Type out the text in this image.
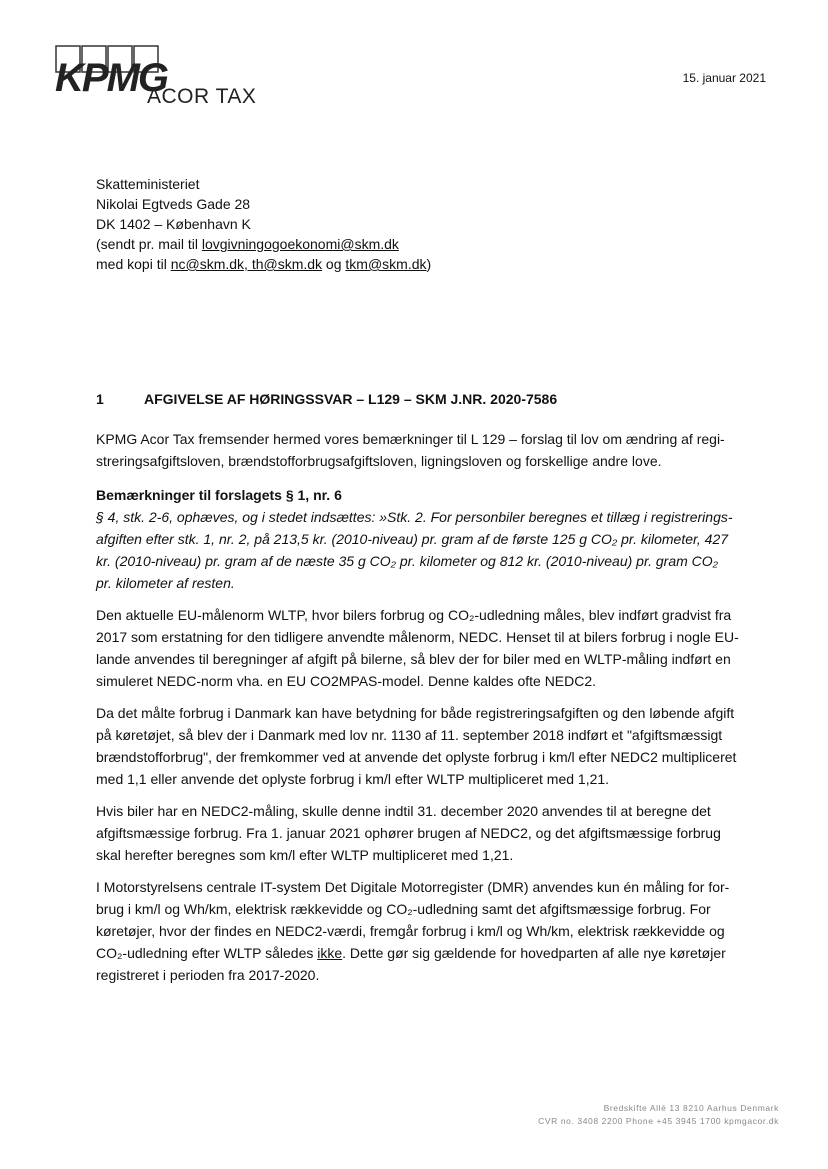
KPMG
ACOR TAX
15. januar 2021
Skatteministeriet
Nikolai Egtveds Gade 28
DK 1402 – København K
(sendt pr. mail til lovgivningogoekonomi@skm.dk
med kopi til nc@skm.dk, th@skm.dk og tkm@skm.dk)
1	AFGIVELSE AF HØRINGSSVAR – L129 – SKM J.NR. 2020-7586
KPMG Acor Tax fremsender hermed vores bemærkninger til L 129 – forslag til lov om ændring af regi-
streringsafgiftsloven, brændstofforbrugsafgiftsloven, ligningsloven og forskellige andre love.
Bemærkninger til forslagets § 1, nr. 6
§ 4, stk. 2-6, ophæves, og i stedet indsættes: »Stk. 2. For personbiler beregnes et tillæg i registrerings-
afgiften efter stk. 1, nr. 2, på 213,5 kr. (2010-niveau) pr. gram af de første 125 g CO₂ pr. kilometer, 427
kr. (2010-niveau) pr. gram af de næste 35 g CO₂ pr. kilometer og 812 kr. (2010-niveau) pr. gram CO₂
pr. kilometer af resten.
Den aktuelle EU-målenorm WLTP, hvor bilers forbrug og CO₂-udledning måles, blev indført gradvist fra
2017 som erstatning for den tidligere anvendte målenorm, NEDC. Henset til at bilers forbrug i nogle EU-
lande anvendes til beregninger af afgift på bilerne, så blev der for biler med en WLTP-måling indført en
simuleret NEDC-norm vha. en EU CO2MPAS-model. Denne kaldes ofte NEDC2.
Da det målte forbrug i Danmark kan have betydning for både registreringsafgiften og den løbende afgift
på køretøjet, så blev der i Danmark med lov nr. 1130 af 11. september 2018 indført et "afgiftsmæssigt
brændstofforbrug", der fremkommer ved at anvende det oplyste forbrug i km/l efter NEDC2 multipliceret
med 1,1 eller anvende det oplyste forbrug i km/l efter WLTP multipliceret med 1,21.
Hvis biler har en NEDC2-måling, skulle denne indtil 31. december 2020 anvendes til at beregne det
afgiftsmæssige forbrug. Fra 1. januar 2021 ophører brugen af NEDC2, og det afgiftsmæssige forbrug
skal herefter beregnes som km/l efter WLTP multipliceret med 1,21.
I Motorstyrelsens centrale IT-system Det Digitale Motorregister (DMR) anvendes kun én måling for for-
brug i km/l og Wh/km, elektrisk rækkevidde og CO₂-udledning samt det afgiftsmæssige forbrug. For
køretøjer, hvor der findes en NEDC2-værdi, fremgår forbrug i km/l og Wh/km, elektrisk rækkevidde og
CO₂-udledning efter WLTP således ikke. Dette gør sig gældende for hovedparten af alle nye køretøjer
registreret i perioden fra 2017-2020.
Bredskifte Allé 13 8210 Aarhus Denmark
CVR no. 3408 2200 Phone +45 3945 1700 kpmgacor.dk
